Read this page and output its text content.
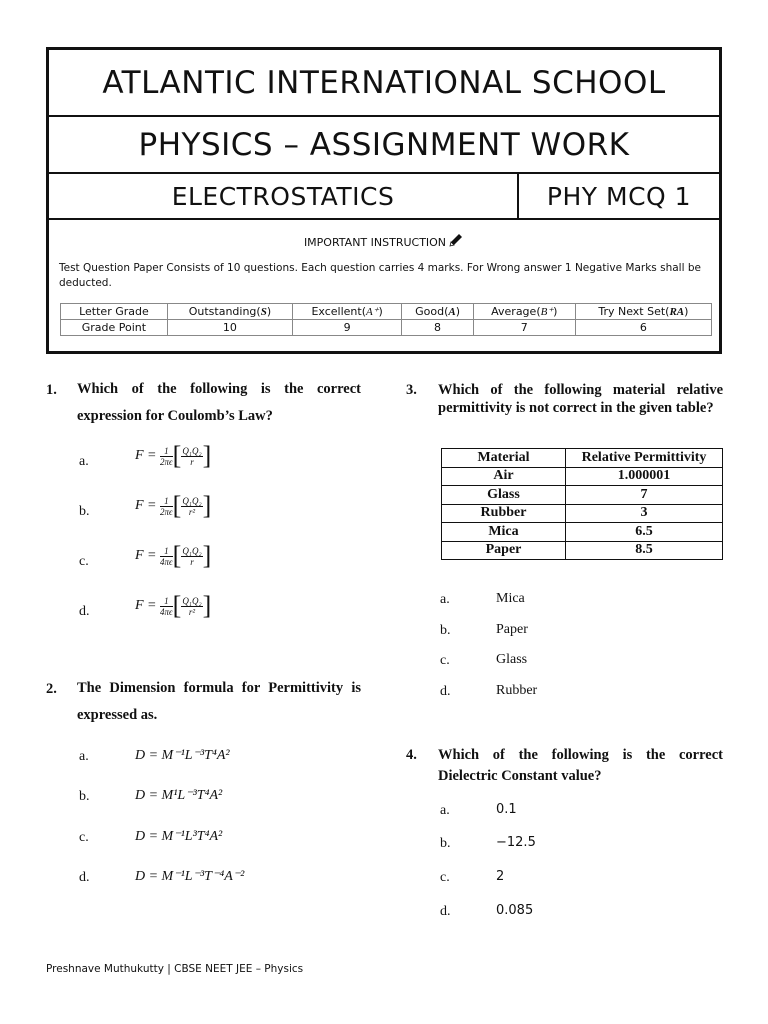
ATLANTIC INTERNATIONAL SCHOOL
PHYSICS – ASSIGNMENT WORK
ELECTROSTATICS	PHY MCQ 1
IMPORTANT INSTRUCTION
Test Question Paper Consists of 10 questions. Each question carries 4 marks. For Wrong answer 1 Negative Marks shall be deducted.
Letter Grade	Outstanding(S)	Excellent(A⁺)	Good(A)	Average(B⁺)	Try Next Set(RA)
Grade Point	10	9	8	7	6
1. Which of the following is the correct expression for Coulomb’s Law?
a.	$F = \frac{1}{2\pi\epsilon}$ [ $\frac{\text{Q₁Q₂}}{r}$ ]
b.	$F = \frac{1}{2\pi\epsilon}$ [ $\frac{\text{Q₁Q₂}}{\text{r²}}$ ]
c.	$F = \frac{1}{4\pi\epsilon}$ [ $\frac{\text{Q₁Q₂}}{r}$ ]
d.	$F = \frac{1}{4\pi\epsilon}$ [ $\frac{\text{Q₁Q₂}}{\text{r²}}$ ]
2. The Dimension formula for Permittivity is expressed as.
a.	D = M⁻¹L⁻³T⁴A²
b.	D = M¹L⁻³T⁴A²
c.	D = M⁻¹L³T⁴A²
d.	D = M⁻¹L⁻³T⁻⁴A⁻²
3. Which of the following material relative permittivity is not correct in the given table?
Material	Relative Permittivity
Air	1.000001
Glass	7
Rubber	3
Mica	6.5
Paper	8.5
a.	Mica
b.	Paper
c.	Glass
d.	Rubber
4. Which of the following is the correct Dielectric Constant value?
a.	0.1
b.	−12.5
c.	2
d.	0.085
Preshnave Muthukutty | CBSE NEET JEE – Physics
